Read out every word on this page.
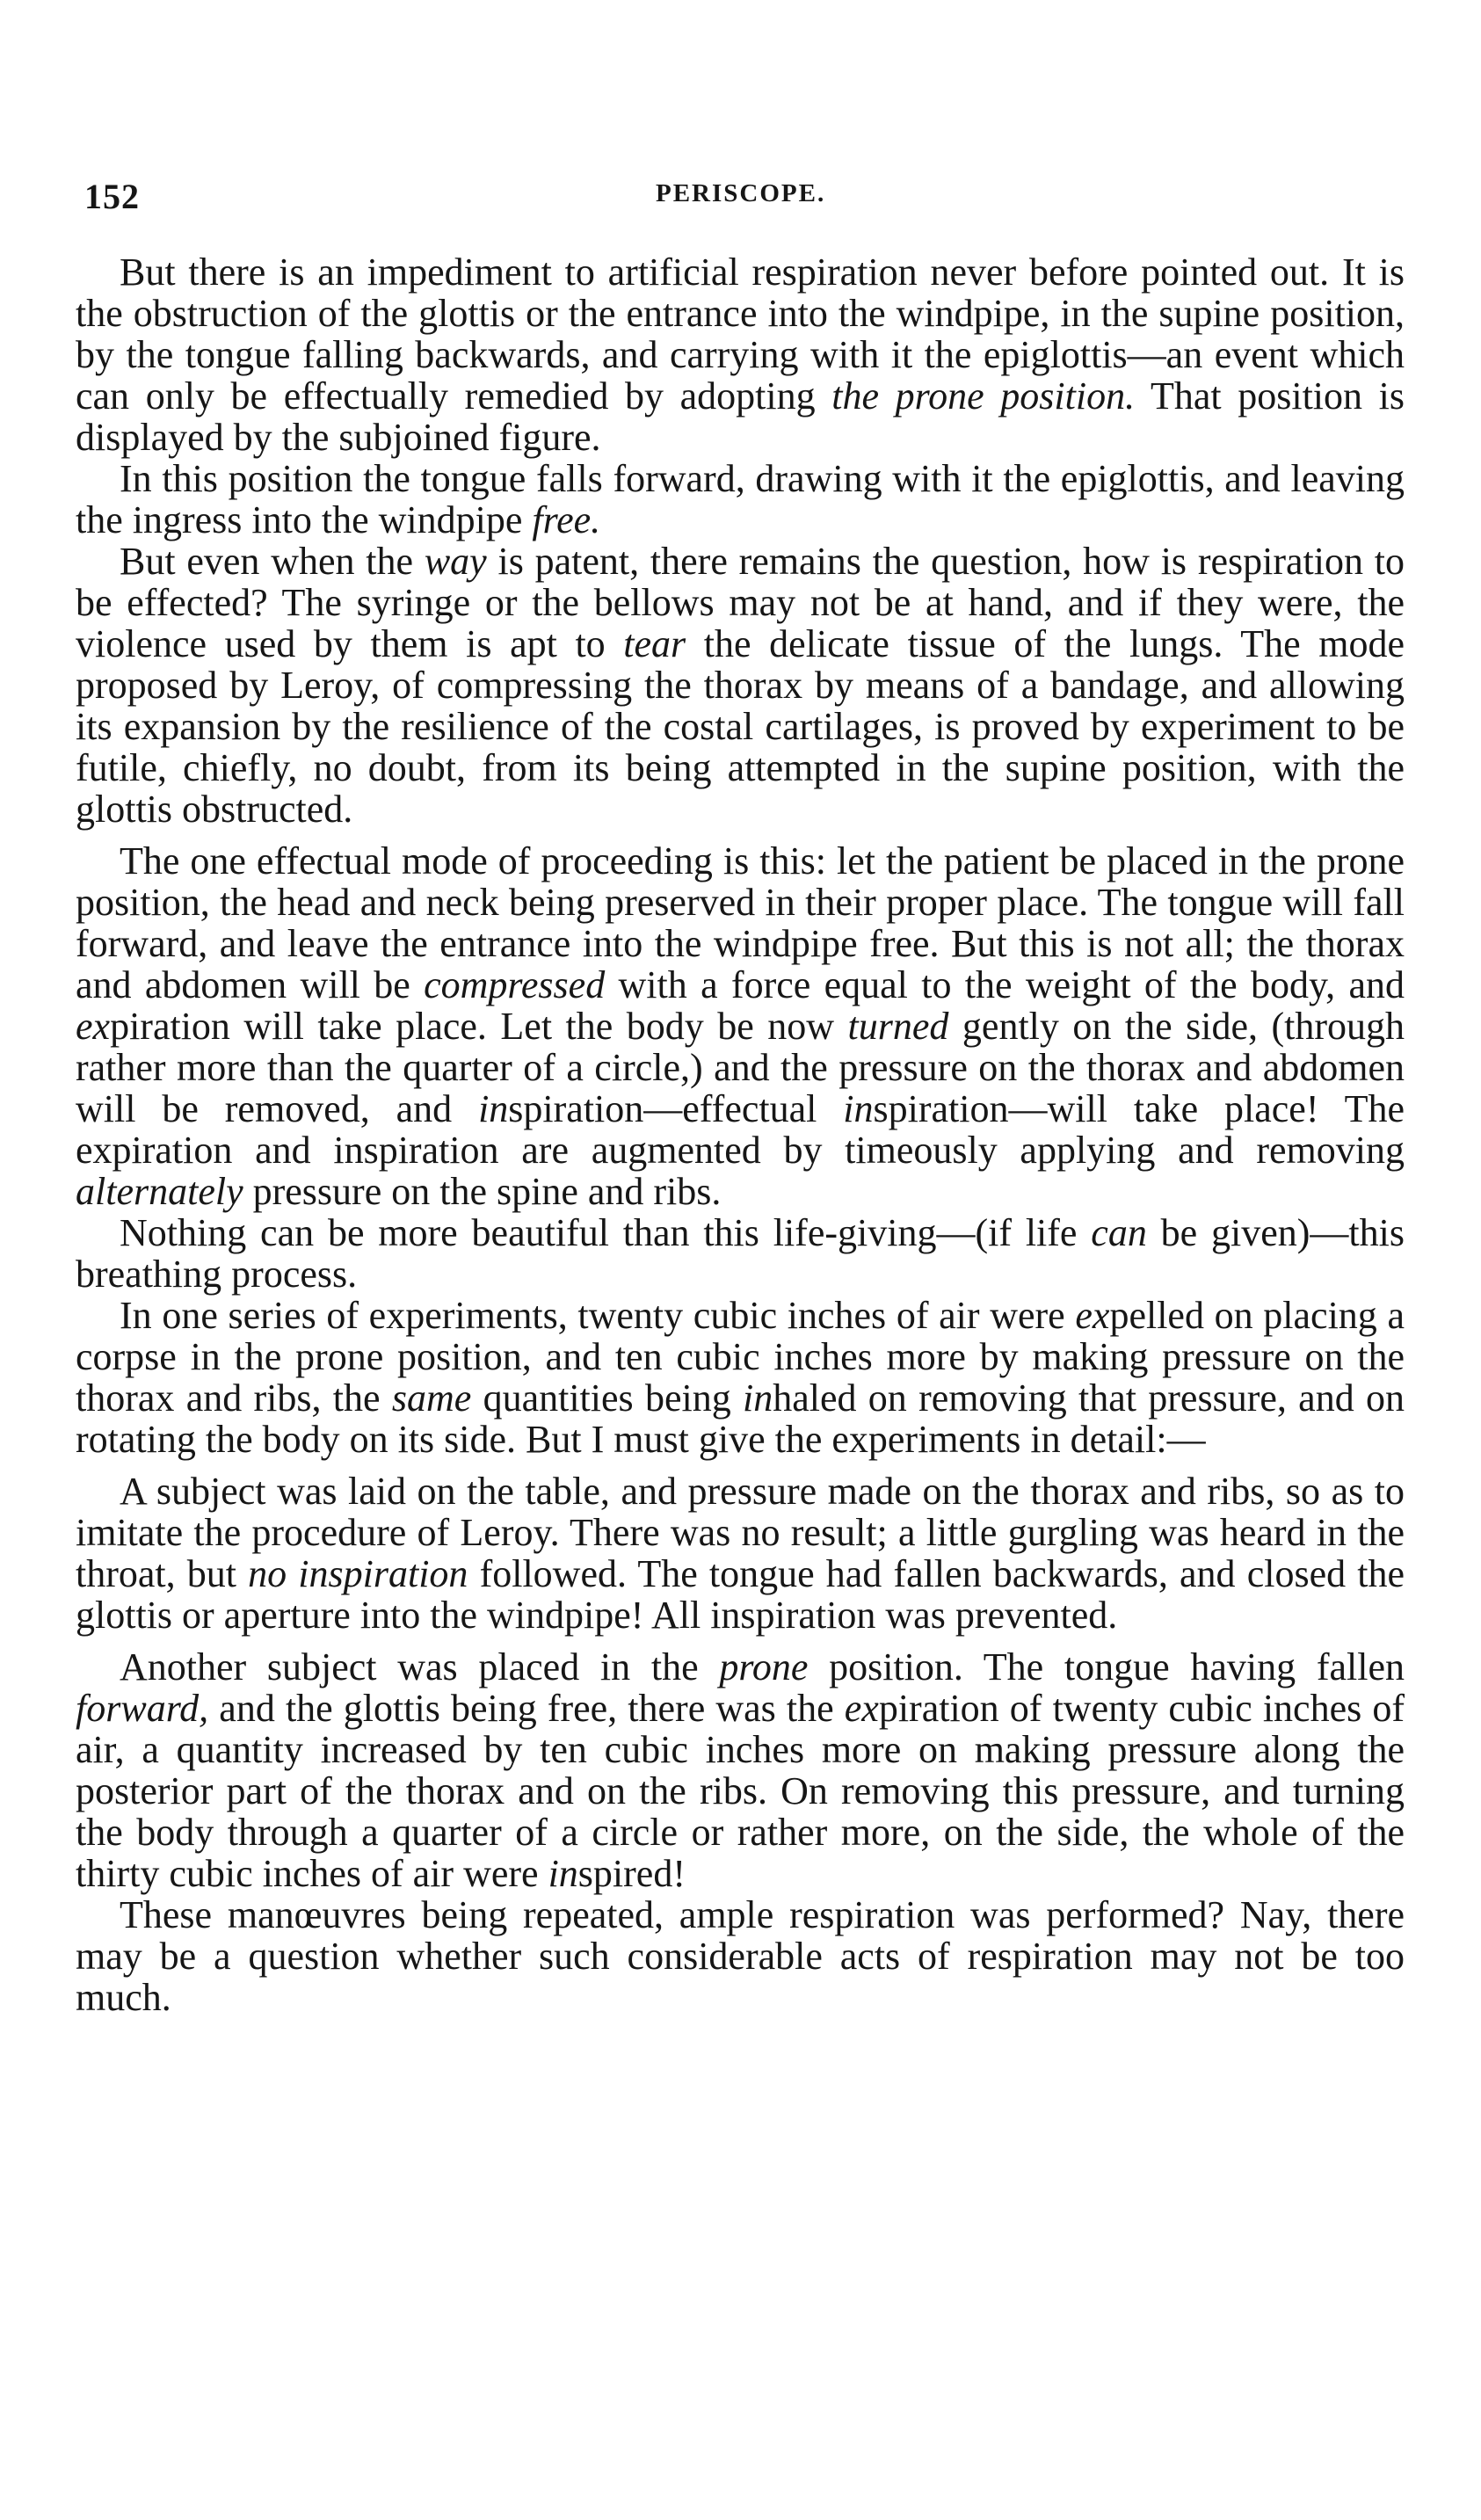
152	PERISCOPE.

But there is an impediment to artificial respiration never before pointed out. It is the obstruction of the glottis or the entrance into the windpipe, in the supine position, by the tongue falling backwards, and carrying with it the epiglottis—an event which can only be effectually remedied by adopting the prone position. That position is displayed by the subjoined figure.

In this position the tongue falls forward, drawing with it the epiglottis, and leaving the ingress into the windpipe free.

But even when the way is patent, there remains the question, how is respiration to be effected? The syringe or the bellows may not be at hand, and if they were, the violence used by them is apt to tear the delicate tissue of the lungs. The mode proposed by Leroy, of compressing the thorax by means of a bandage, and allowing its expansion by the resilience of the costal cartilages, is proved by experiment to be futile, chiefly, no doubt, from its being attempted in the supine position, with the glottis obstructed.

The one effectual mode of proceeding is this: let the patient be placed in the prone position, the head and neck being preserved in their proper place. The tongue will fall forward, and leave the entrance into the windpipe free. But this is not all; the thorax and abdomen will be compressed with a force equal to the weight of the body, and expiration will take place. Let the body be now turned gently on the side, (through rather more than the quarter of a circle,) and the pressure on the thorax and abdomen will be removed, and inspiration—effectual inspiration—will take place! The expiration and inspiration are augmented by timeously applying and removing alternately pressure on the spine and ribs.

Nothing can be more beautiful than this life-giving—(if life can be given)—this breathing process.

In one series of experiments, twenty cubic inches of air were expelled on placing a corpse in the prone position, and ten cubic inches more by making pressure on the thorax and ribs, the same quantities being inhaled on removing that pressure, and on rotating the body on its side. But I must give the experiments in detail:—

A subject was laid on the table, and pressure made on the thorax and ribs, so as to imitate the procedure of Leroy. There was no result; a little gurgling was heard in the throat, but no inspiration followed. The tongue had fallen backwards, and closed the glottis or aperture into the windpipe! All inspiration was prevented.

Another subject was placed in the prone position. The tongue having fallen forward, and the glottis being free, there was the expiration of twenty cubic inches of air, a quantity increased by ten cubic inches more on making pressure along the posterior part of the thorax and on the ribs. On removing this pressure, and turning the body through a quarter of a circle or rather more, on the side, the whole of the thirty cubic inches of air were inspired!

These manœuvres being repeated, ample respiration was performed? Nay, there may be a question whether such considerable acts of respiration may not be too much.
